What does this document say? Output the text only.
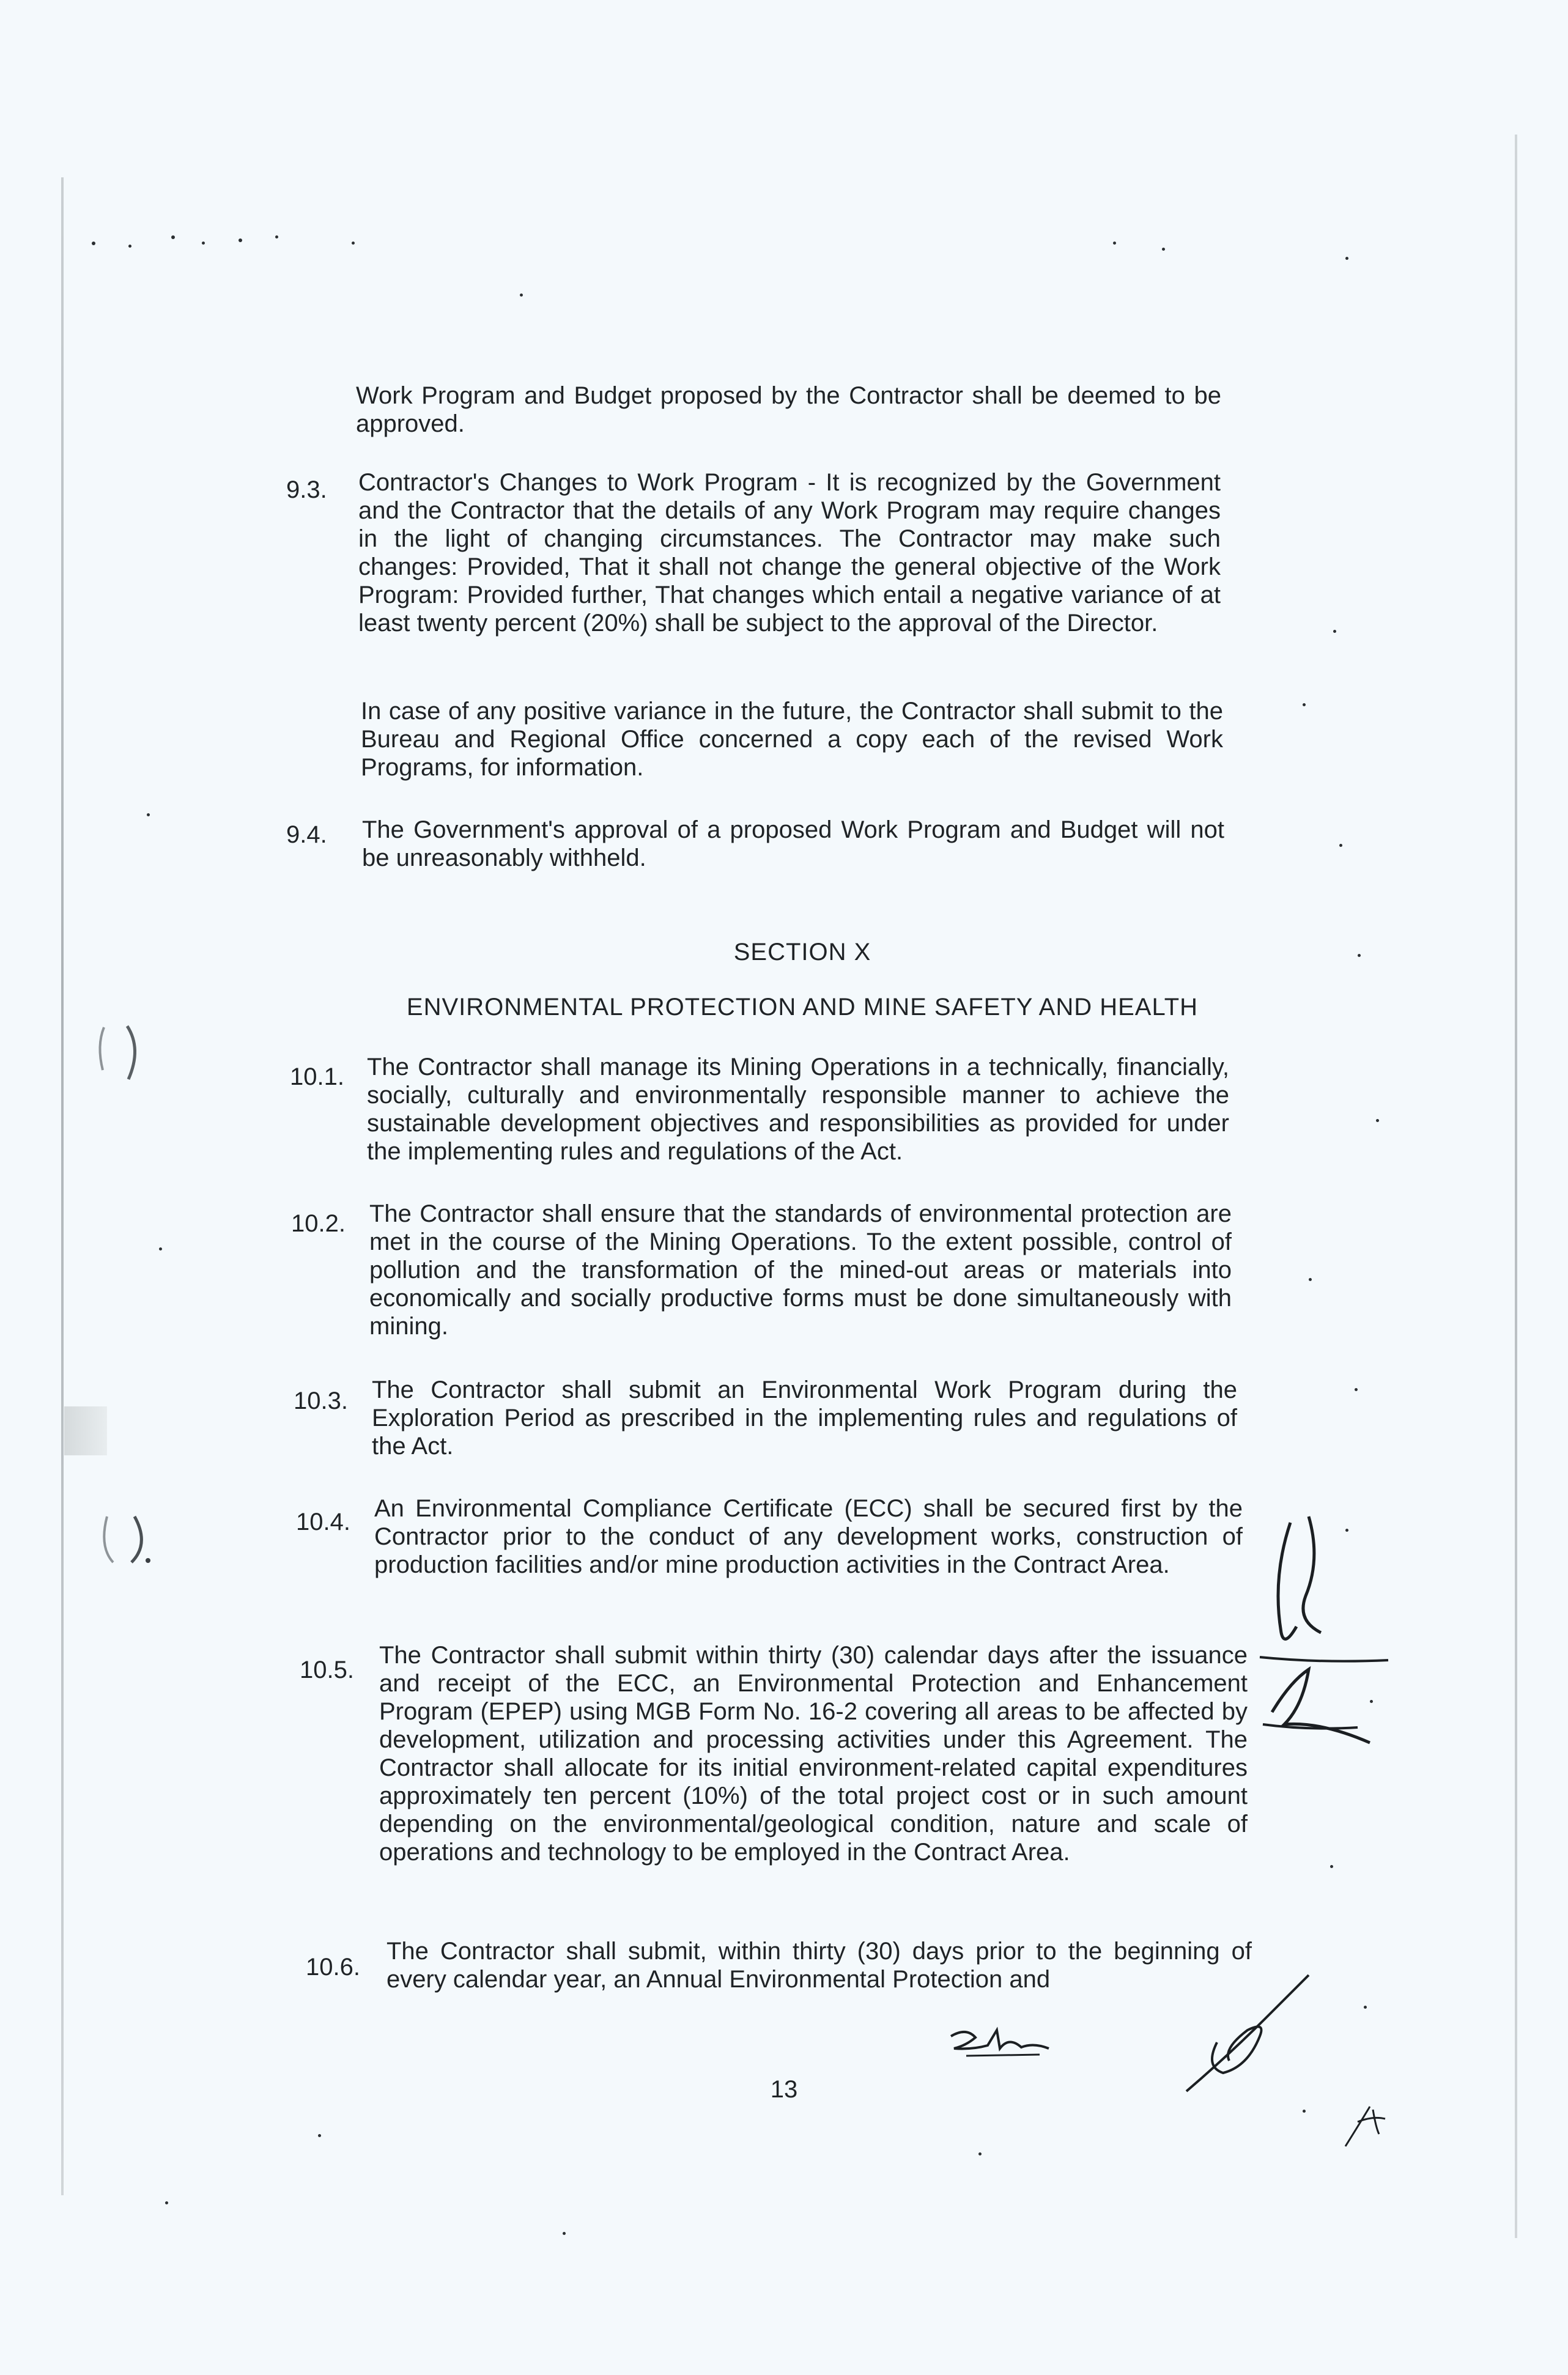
Work Program and Budget proposed by the Contractor shall be deemed to be approved.
9.3. Contractor's Changes to Work Program - It is recognized by the Government and the Contractor that the details of any Work Program may require changes in the light of changing circumstances. The Contractor may make such changes: Provided, That it shall not change the general objective of the Work Program: Provided further, That changes which entail a negative variance of at least twenty percent (20%) shall be subject to the approval of the Director.
In case of any positive variance in the future, the Contractor shall submit to the Bureau and Regional Office concerned a copy each of the revised Work Programs, for information.
9.4. The Government's approval of a proposed Work Program and Budget will not be unreasonably withheld.
SECTION X
ENVIRONMENTAL PROTECTION AND MINE SAFETY AND HEALTH
10.1. The Contractor shall manage its Mining Operations in a technically, financially, socially, culturally and environmentally responsible manner to achieve the sustainable development objectives and responsibilities as provided for under the implementing rules and regulations of the Act.
10.2. The Contractor shall ensure that the standards of environmental protection are met in the course of the Mining Operations. To the extent possible, control of pollution and the transformation of the mined-out areas or materials into economically and socially productive forms must be done simultaneously with mining.
10.3. The Contractor shall submit an Environmental Work Program during the Exploration Period as prescribed in the implementing rules and regulations of the Act.
10.4. An Environmental Compliance Certificate (ECC) shall be secured first by the Contractor prior to the conduct of any development works, construction of production facilities and/or mine production activities in the Contract Area.
10.5.
The Contractor shall submit within thirty (30) calendar days after the issuance and receipt of the ECC, an Environmental Protection and Enhancement Program (EPEP) using MGB Form No. 16-2 covering all areas to be affected by development, utilization and processing activities under this Agreement. The Contractor shall allocate for its initial environment-related capital expenditures approximately ten percent (10%) of the total project cost or in such amount depending on the environmental/geological condition, nature and scale of operations and technology to be employed in the Contract Area.
10.6.
The Contractor shall submit, within thirty (30) days prior to the beginning of every calendar year, an Annual Environmental Protection and
13
